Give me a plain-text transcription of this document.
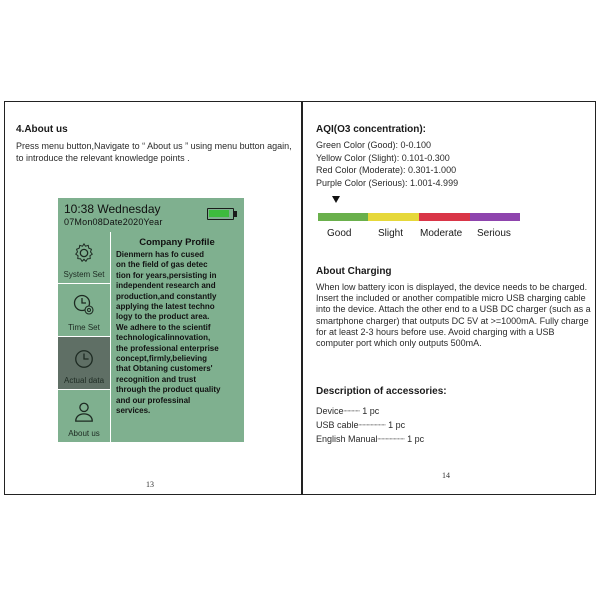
4.About us
Press menu button,Navigate to “ About us ” using menu button again, to introduce the relevant knowledge points .
10:38 Wednesday
07Mon08Date2020Year
System Set
Time Set
Actual data
About us
Company Profile
Dienmern has fo cused
on the field of gas detec
tion for years,persisting in
independent research and
production,and constantly
applying the latest techno
logy to the product area.
We adhere to the scientif
technologicalinnovation,
the professional enterprise
concept,firmly,believing
that Obtaning customers'
recognition and trust
through the product quality
and our professinal
services.
13
AQI(O3 concentration):
Green Color (Good): 0-0.100
Yellow Color (Slight): 0.101-0.300
Red Color (Moderate): 0.301-1.000
Purple Color (Serious): 1.001-4.999
Good	Slight Moderate Serious
About Charging
When low battery icon is displayed, the device needs to be charged. Insert the included or another compatible micro USB charging cable into the device. Attach the other end to a USB DC charger (such as a smartphone charger) that outputs DC 5V at >=1000mA. Fully charge for at least 2-3 hours before use. Avoid charging with a USB computer port which only outputs 500mA.
Description of accessories:
Device┈┈┈ 1 pc
USB cable┈┈┈┈┈ 1 pc
English Manual┈┈┈┈┈ 1 pc
14
